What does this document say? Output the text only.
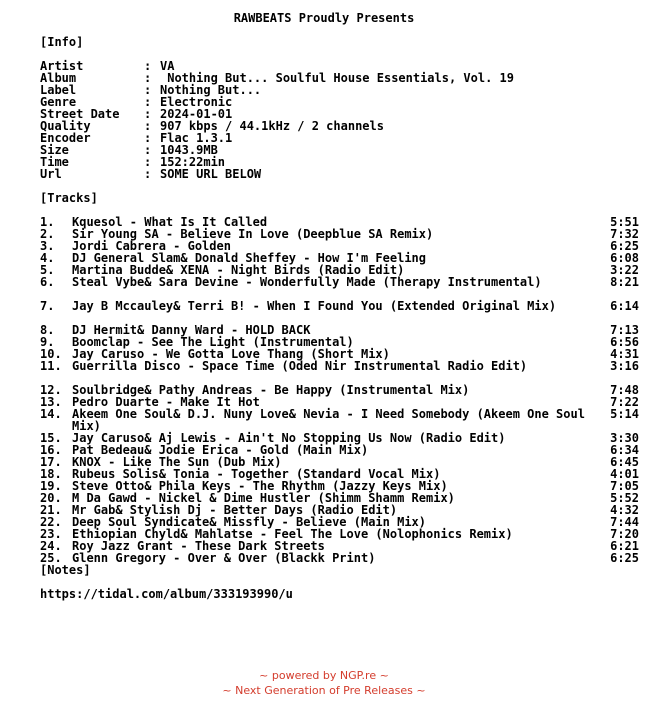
RAWBEATS Proudly Presents
[Info]
Artist	: VA
Album	: Nothing But... Soulful House Essentials, Vol. 19
Label	: Nothing But...
Genre	: Electronic
Street Date : 2024-01-01
Quality	: 907 kbps / 44.1kHz / 2 channels
Encoder	: Flac 1.3.1
Size	: 1043.9MB
Time	: 152:22min
Url	: SOME URL BELOW
[Tracks]
1. Kquesol - What Is It Called	5:51
2. Sir Young SA - Believe In Love (Deepblue SA Remix)	7:32
3. Jordi Cabrera - Golden	6:25
4. DJ General Slam& Donald Sheffey - How I'm Feeling	6:08
5. Martina Budde& XENA - Night Birds (Radio Edit)	3:22
6. Steal Vybe& Sara Devine - Wonderfully Made (Therapy Instrumental)	8:21
7. Jay B Mccauley& Terri B! - When I Found You (Extended Original Mix)	6:14
8. DJ Hermit& Danny Ward - HOLD BACK	7:13
9. Boomclap - See The Light (Instrumental)	6:56
10. Jay Caruso - We Gotta Love Thang (Short Mix)	4:31
11. Guerrilla Disco - Space Time (Oded Nir Instrumental Radio Edit)	3:16
12. Soulbridge& Pathy Andreas - Be Happy (Instrumental Mix)	7:48
13. Pedro Duarte - Make It Hot	7:22
14. Akeem One Soul& D.J. Nuny Love& Nevia - I Need Somebody (Akeem One Soul Mix)
5:14
15. Jay Caruso& Aj Lewis - Ain't No Stopping Us Now (Radio Edit)	3:30
16. Pat Bedeau& Jodie Erica - Gold (Main Mix)	6:34
17. KNOX - Like The Sun (Dub Mix)	6:45
18. Rubeus Solis& Tonia - Together (Standard Vocal Mix)	4:01
19. Steve Otto& Phila Keys - The Rhythm (Jazzy Keys Mix)	7:05
20. M Da Gawd - Nickel & Dime Hustler (Shimm Shamm Remix)	5:52
21. Mr Gab& Stylish Dj - Better Days (Radio Edit)	4:32
22. Deep Soul Syndicate& Missfly - Believe (Main Mix)	7:44
23. Ethiopian Chyld& Mahlatse - Feel The Love (Nolophonics Remix)	7:20
24. Roy Jazz Grant - These Dark Streets	6:21
25. Glenn Gregory - Over & Over (Blackk Print)	6:25
[Notes]
https://tidal.com/album/333193990/u
~ powered by NGP.re ~
~ Next Generation of Pre Releases ~
